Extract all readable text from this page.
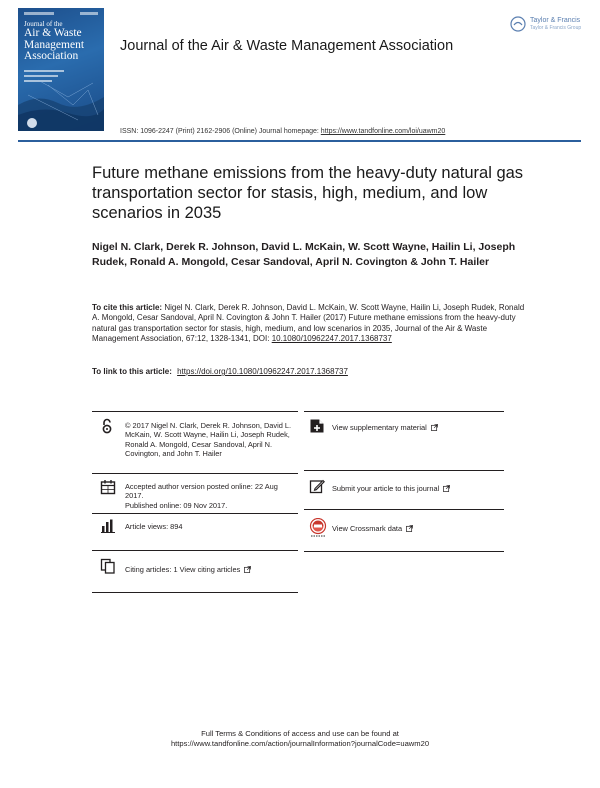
Journal of the
Air & Waste
Management
Association
Journal of the Air & Waste Management Association
Taylor & Francis
Taylor & Francis Group
ISSN: 1096-2247 (Print) 2162-2906 (Online) Journal homepage: https://www.tandfonline.com/loi/uawm20
Future methane emissions from the heavy-duty natural gas transportation sector for stasis, high, medium, and low scenarios in 2035
Nigel N. Clark, Derek R. Johnson, David L. McKain, W. Scott Wayne, Hailin Li, Joseph Rudek, Ronald A. Mongold, Cesar Sandoval, April N. Covington & John T. Hailer
To cite this article: Nigel N. Clark, Derek R. Johnson, David L. McKain, W. Scott Wayne, Hailin Li, Joseph Rudek, Ronald A. Mongold, Cesar Sandoval, April N. Covington & John T. Hailer (2017) Future methane emissions from the heavy-duty natural gas transportation sector for stasis, high, medium, and low scenarios in 2035, Journal of the Air & Waste Management Association, 67:12, 1328-1341, DOI: 10.1080/10962247.2017.1368737
To link to this article: https://doi.org/10.1080/10962247.2017.1368737
© 2017 Nigel N. Clark, Derek R. Johnson, David L. McKain, W. Scott Wayne, Hailin Li, Joseph Rudek, Ronald A. Mongold, Cesar Sandoval, April N. Covington, and John T. Hailer
Accepted author version posted online: 22 Aug 2017.
Published online: 09 Nov 2017.
Article views: 894
Citing articles: 1 View citing articles
View supplementary material
Submit your article to this journal
View Crossmark data
Full Terms & Conditions of access and use can be found at
https://www.tandfonline.com/action/journalInformation?journalCode=uawm20
